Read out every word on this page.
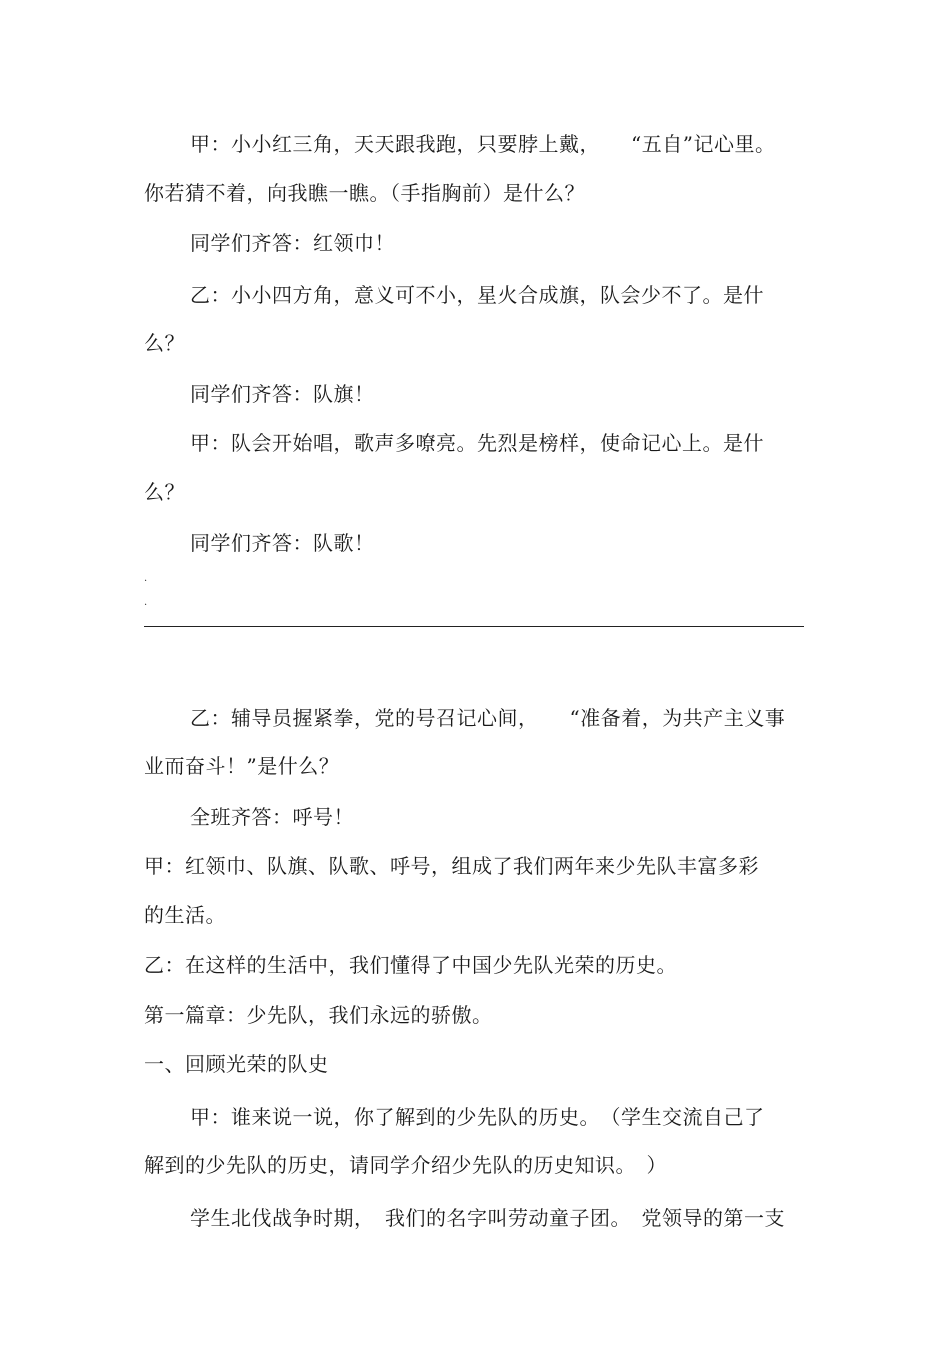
甲：小小红三角，天天跟我跑，只要脖上戴，　　“五自”记心里。
你若猜不着，向我瞧一瞧。（手指胸前）是什么？
同学们齐答：红领巾！
乙：小小四方角，意义可不小，星火合成旗，队会少不了。是什
么？
同学们齐答：队旗！
甲：队会开始唱，歌声多嘹亮。先烈是榜样，使命记心上。是什
么？
同学们齐答：队歌！
.
.
乙：辅导员握紧拳，党的号召记心间，　　“准备着，为共产主义事
业而奋斗！”是什么？
全班齐答：呼号！
甲：红领巾、队旗、队歌、呼号，组成了我们两年来少先队丰富多彩
的生活。
乙：在这样的生活中，我们懂得了中国少先队光荣的历史。
第一篇章：少先队，我们永远的骄傲。
一、回顾光荣的队史
甲：谁来说一说，你了解到的少先队的历史。　（学生交流自己了
解到的少先队的历史，请同学介绍少先队的历史知识。　）
学生北伐战争时期，　我们的名字叫劳动童子团。　党领导的第一支
